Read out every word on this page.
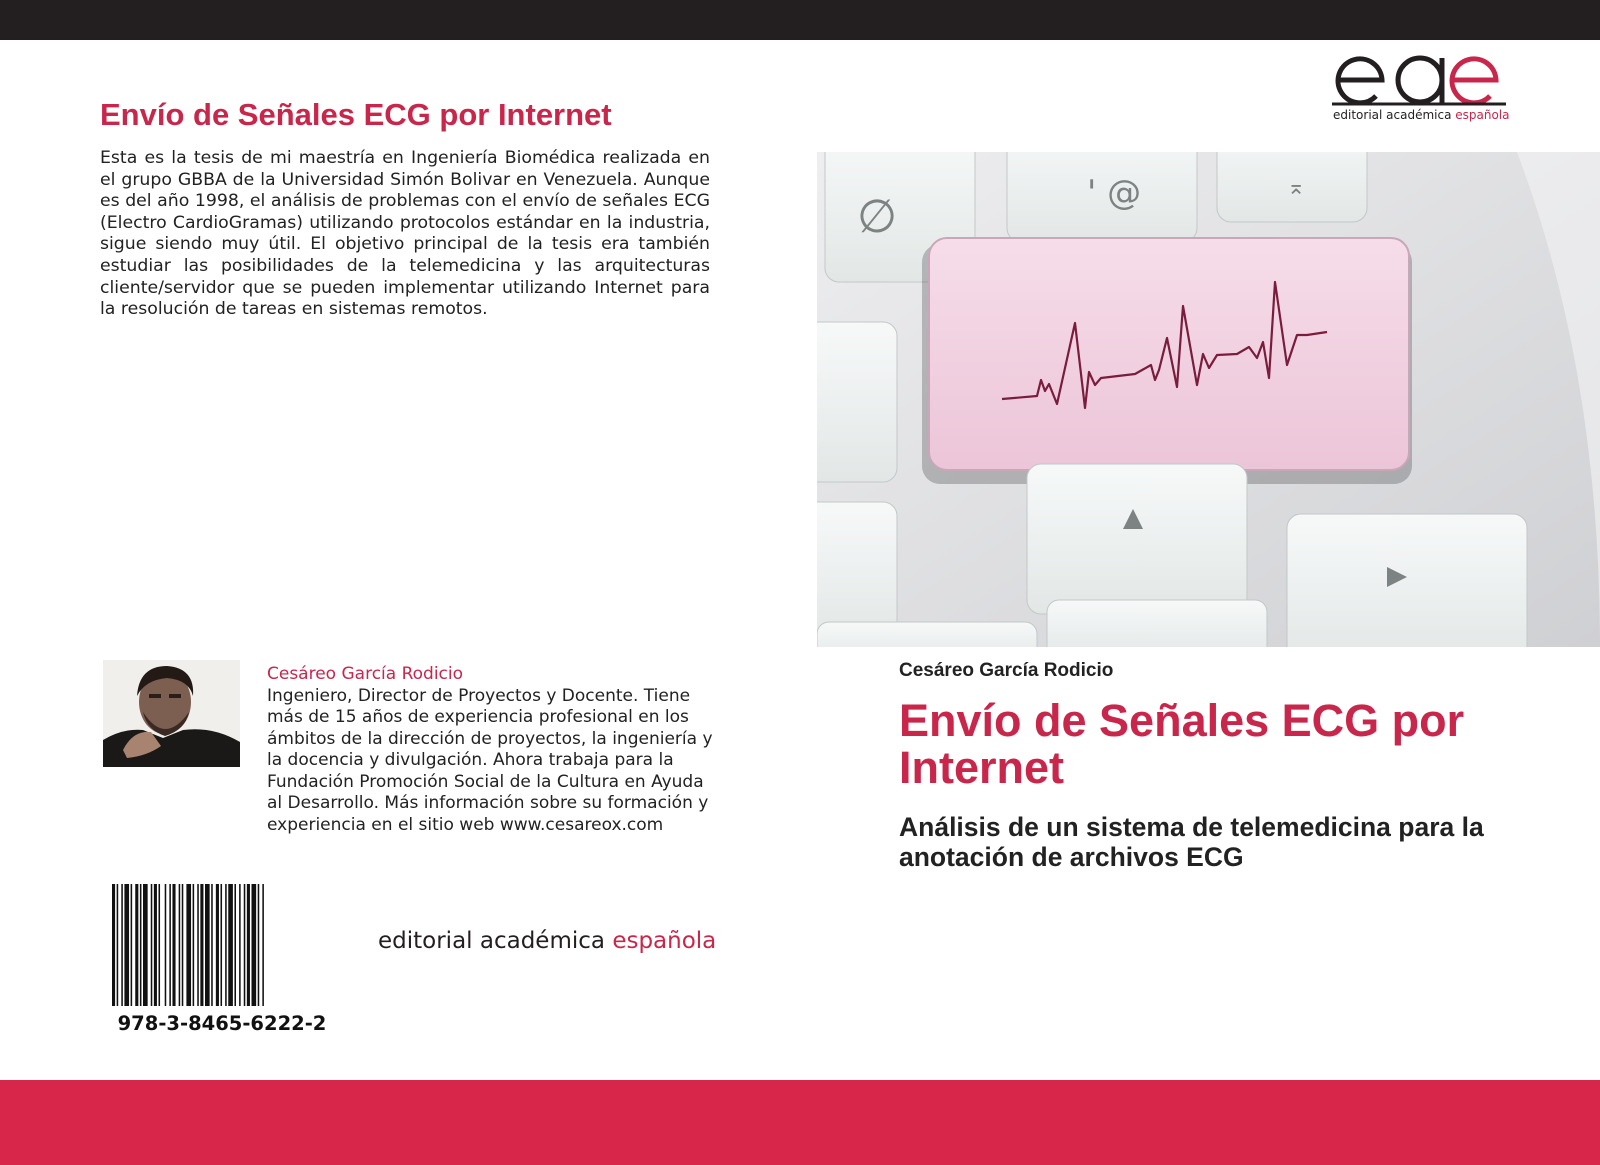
Envío de Señales ECG por Internet
Esta es la tesis de mi maestría en Ingeniería Biomédica realizada en el grupo GBBA de la Universidad Simón Bolivar en Venezuela. Aunque es del año 1998, el análisis de problemas con el envío de señales ECG (Electro CardioGramas) utilizando protocolos estándar en la industria, sigue siendo muy útil. El objetivo principal de la tesis era también estudiar las posibilidades de la telemedicina y las arquitecturas cliente/servidor que se pueden implementar utilizando Internet para la resolución de tareas en sistemas remotos.
Cesáreo García Rodicio
Ingeniero, Director de Proyectos y Docente. Tiene más de 15 años de experiencia profesional en los ámbitos de la dirección de proyectos, la ingeniería y la docencia y divulgación. Ahora trabaja para la Fundación Promoción Social de la Cultura en Ayuda al Desarrollo. Más información sobre su formación y experiencia en el sitio web www.cesareox.com
978-3-8465-6222-2
editorial académica española
editorial académica española
∅	' @	⌅
Cesáreo García Rodicio
Envío de Señales ECG por Internet
Análisis de un sistema de telemedicina para la anotación de archivos ECG
